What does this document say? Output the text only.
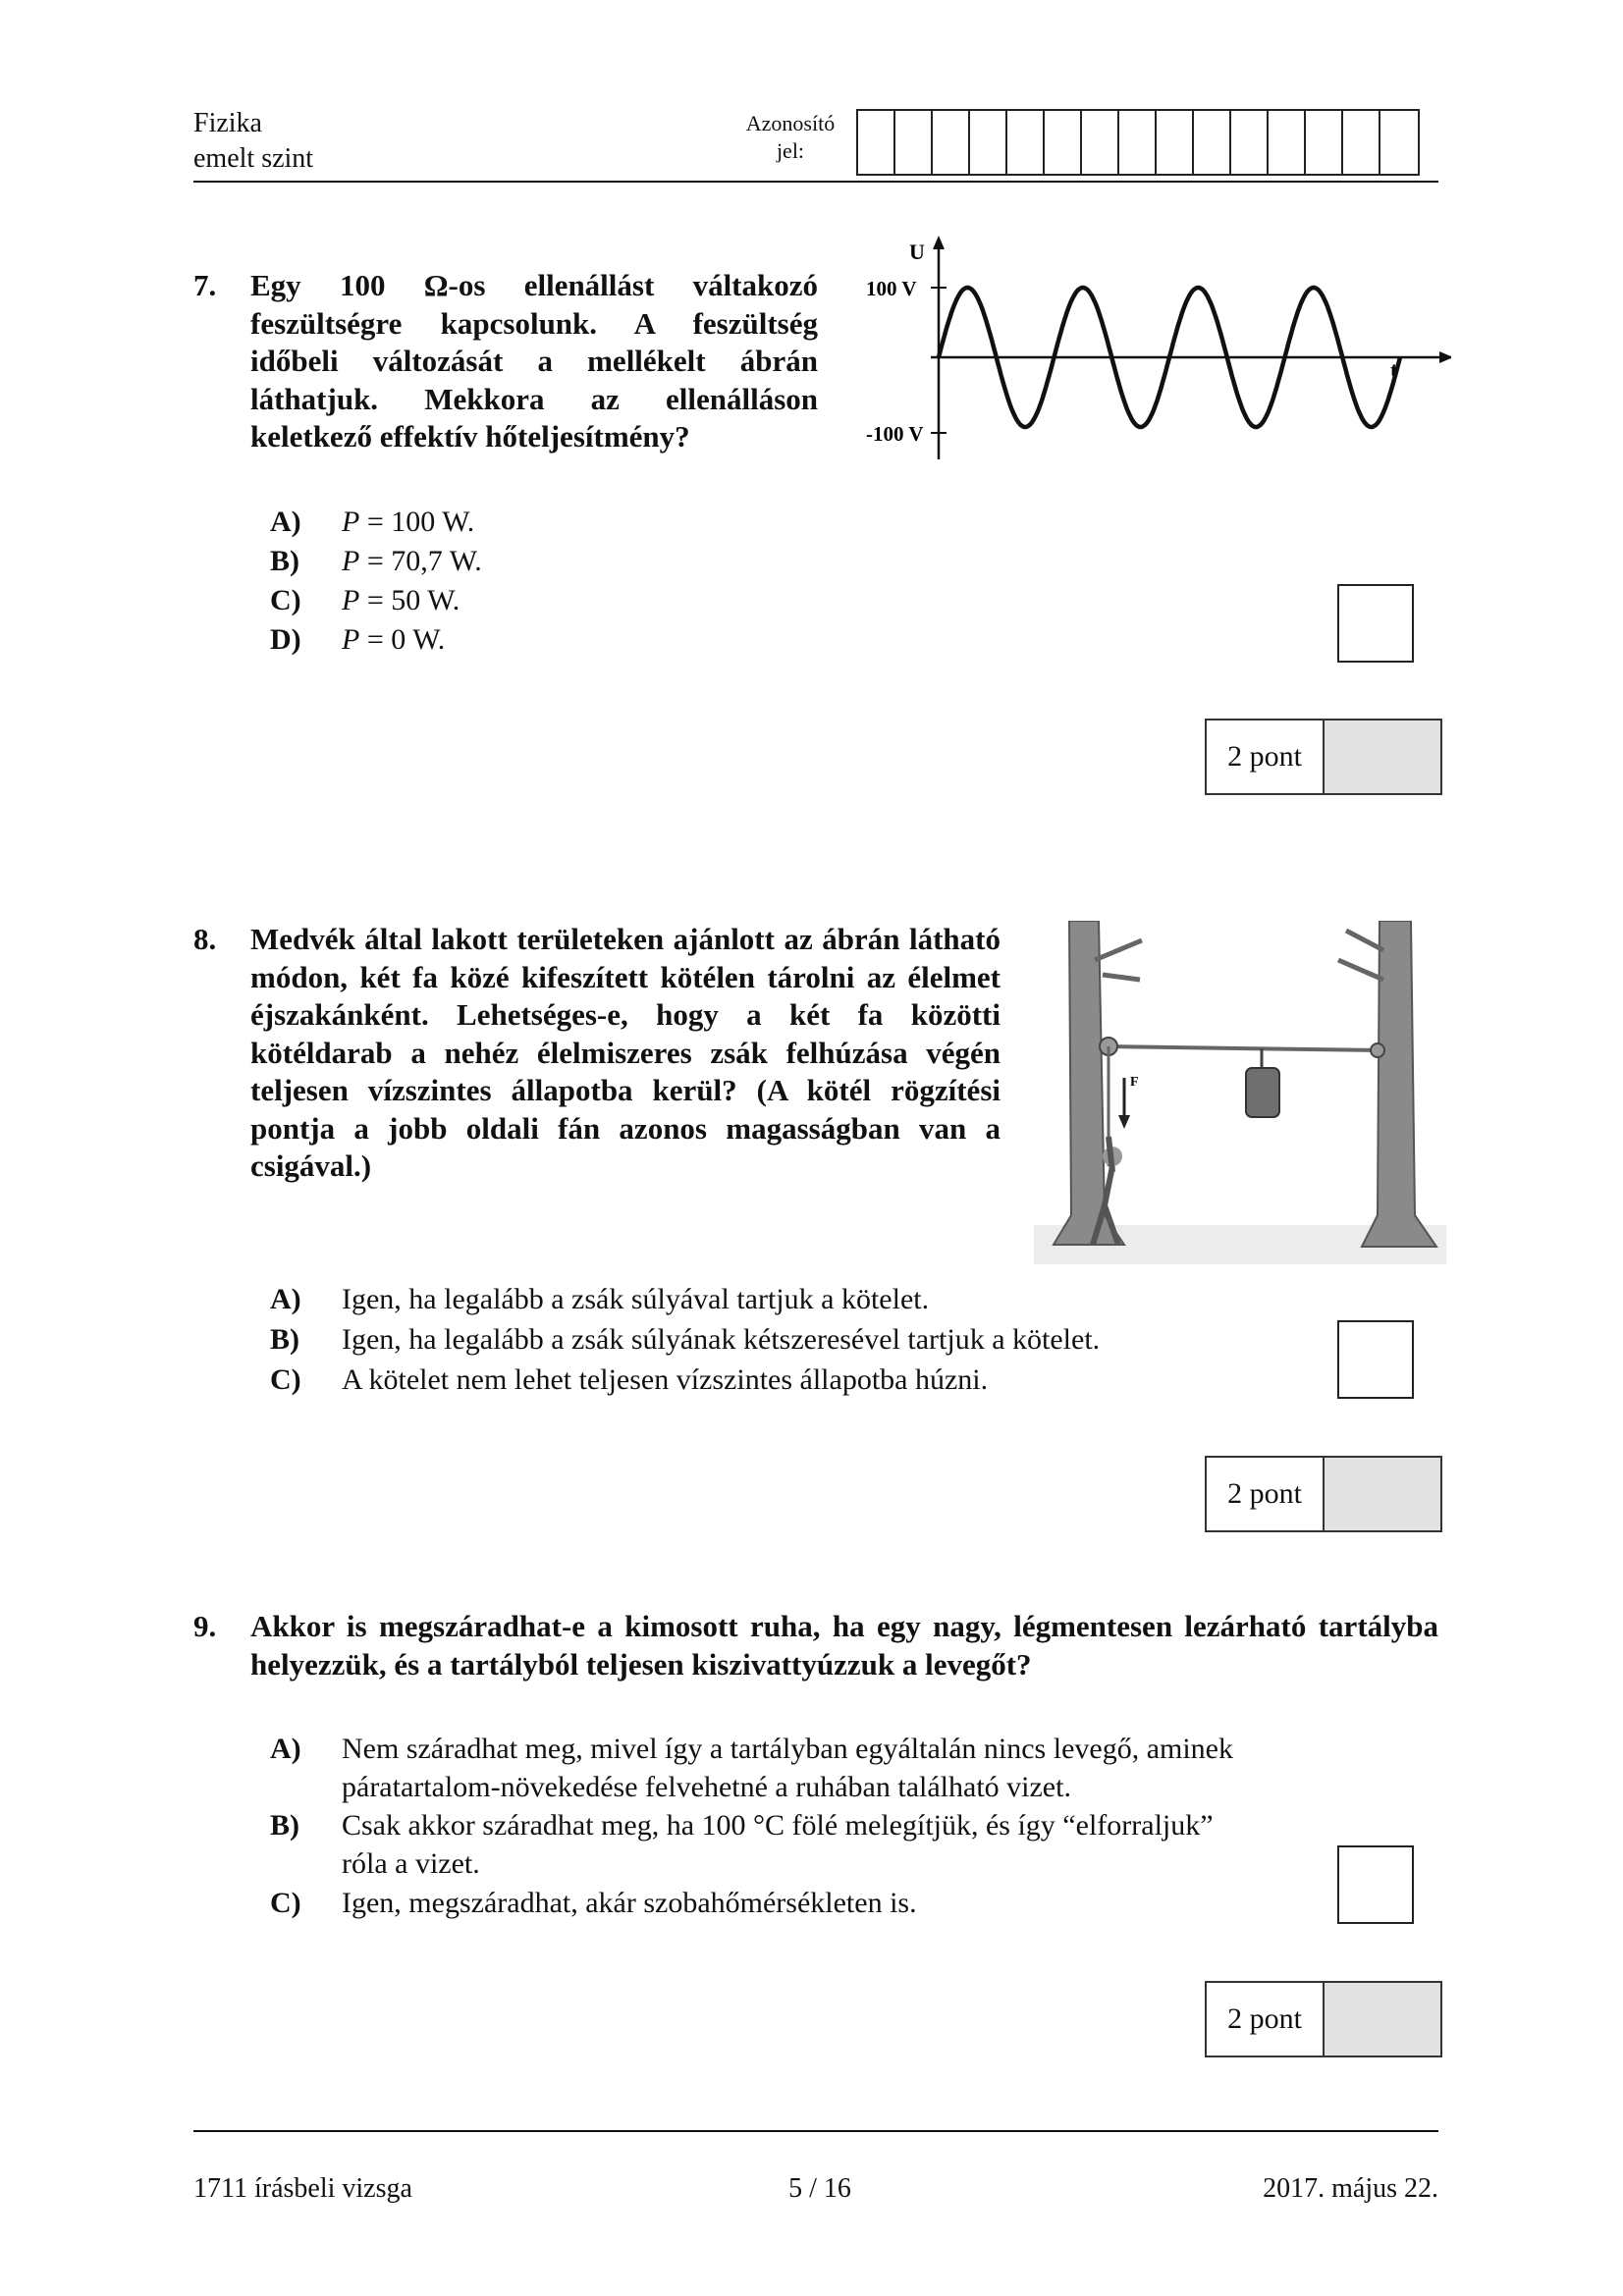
Fizika
emelt szint
Azonosító
jel:
7. Egy 100 Ω-os ellenállást váltakozó feszültségre kapcsolunk. A feszültség időbeli változását a mellékelt ábrán láthatjuk. Mekkora az ellenálláson keletkező effektív hőteljesítmény?
U
100 V
-100 V
t
A) P = 100 W.
B) P = 70,7 W.
C) P = 50 W.
D) P = 0 W.
2 pont
8. Medvék által lakott területeken ajánlott az ábrán látható módon, két fa közé kifeszített kötélen tárolni az élelmet éjszakánként. Lehetséges-e, hogy a két fa közötti kötéldarab a nehéz élelmiszeres zsák felhúzása végén teljesen vízszintes állapotba kerül? (A kötél rögzítési pontja a jobb oldali fán azonos magasságban van a csigával.)
F
A) Igen, ha legalább a zsák súlyával tartjuk a kötelet.
B) Igen, ha legalább a zsák súlyának kétszeresével tartjuk a kötelet.
C) A kötelet nem lehet teljesen vízszintes állapotba húzni.
2 pont
9. Akkor is megszáradhat-e a kimosott ruha, ha egy nagy, légmentesen lezárható tartályba helyezzük, és a tartályból teljesen kiszivattyúzzuk a levegőt?
A) Nem száradhat meg, mivel így a tartályban egyáltalán nincs levegő, aminek
páratartalom-növekedése felvehetné a ruhában található vizet.
B) Csak akkor száradhat meg, ha 100 °C fölé melegítjük, és így “elforraljuk”
róla a vizet.
C) Igen, megszáradhat, akár szobahőmérsékleten is.
2 pont
1711 írásbeli vizsga	5 / 16	2017. május 22.
